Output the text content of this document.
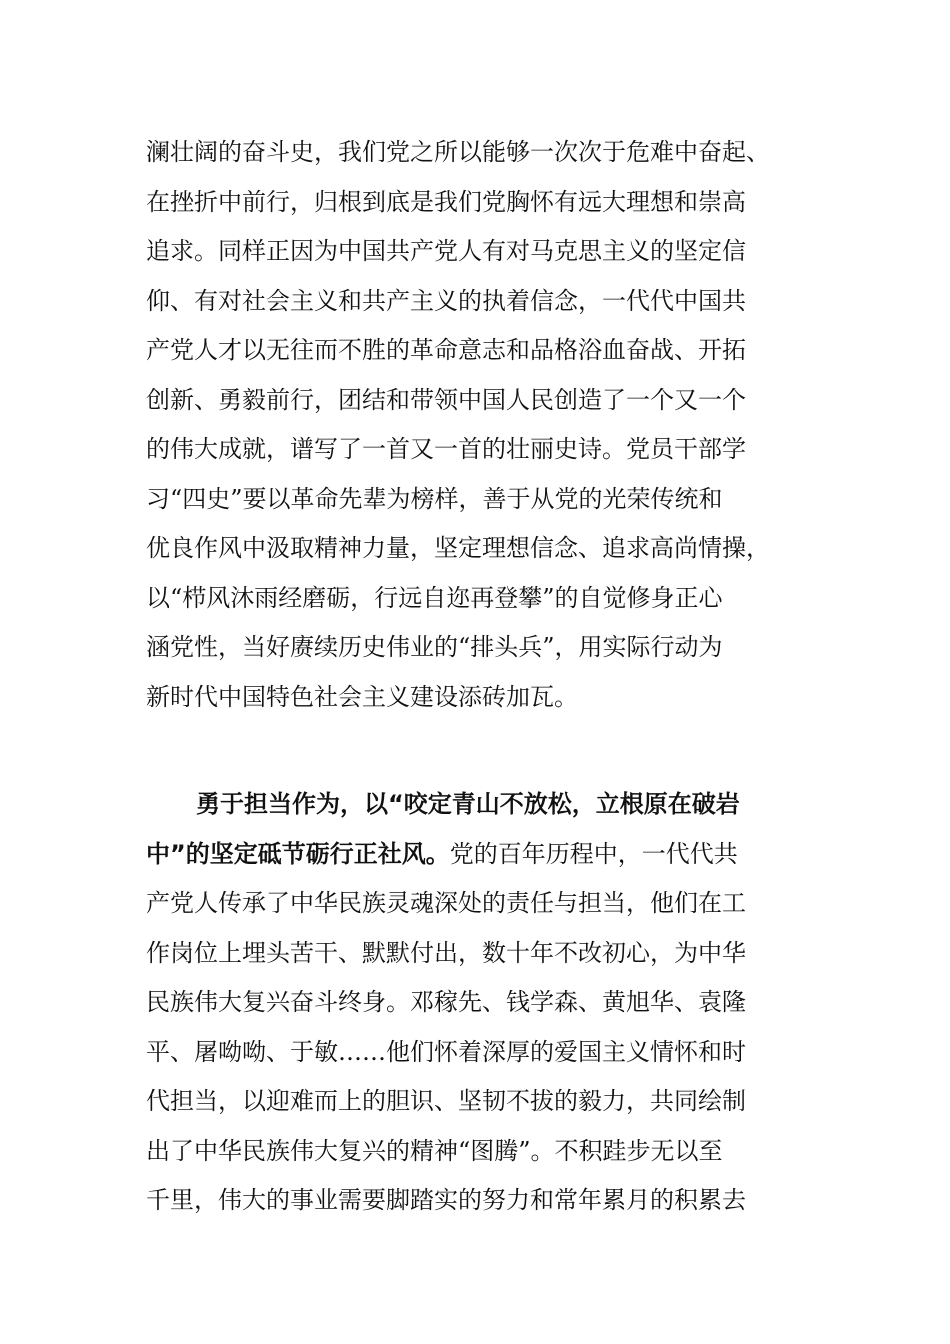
澜壮阔的奋斗史，我们党之所以能够一次次于危难中奋起、
在挫折中前行，归根到底是我们党胸怀有远大理想和崇高
追求。同样正因为中国共产党人有对马克思主义的坚定信
仰、有对社会主义和共产主义的执着信念，一代代中国共
产党人才以无往而不胜的革命意志和品格浴血奋战、开拓
创新、勇毅前行，团结和带领中国人民创造了一个又一个
的伟大成就，谱写了一首又一首的壮丽史诗。党员干部学
习“四史”要以革命先辈为榜样，善于从党的光荣传统和
优良作风中汲取精神力量，坚定理想信念、追求高尚情操，
以“栉风沐雨经磨砺，行远自迩再登攀”的自觉修身正心
涵党性，当好赓续历史伟业的“排头兵”，用实际行动为
新时代中国特色社会主义建设添砖加瓦。
勇于担当作为，以“咬定青山不放松，立根原在破岩
中”的坚定砥节砺行正社风。党的百年历程中，一代代共
产党人传承了中华民族灵魂深处的责任与担当，他们在工
作岗位上埋头苦干、默默付出，数十年不改初心，为中华
民族伟大复兴奋斗终身。邓稼先、钱学森、黄旭华、袁隆
平、屠呦呦、于敏……他们怀着深厚的爱国主义情怀和时
代担当，以迎难而上的胆识、坚韧不拔的毅力，共同绘制
出了中华民族伟大复兴的精神“图腾”。不积跬步无以至
千里，伟大的事业需要脚踏实的努力和常年累月的积累去
